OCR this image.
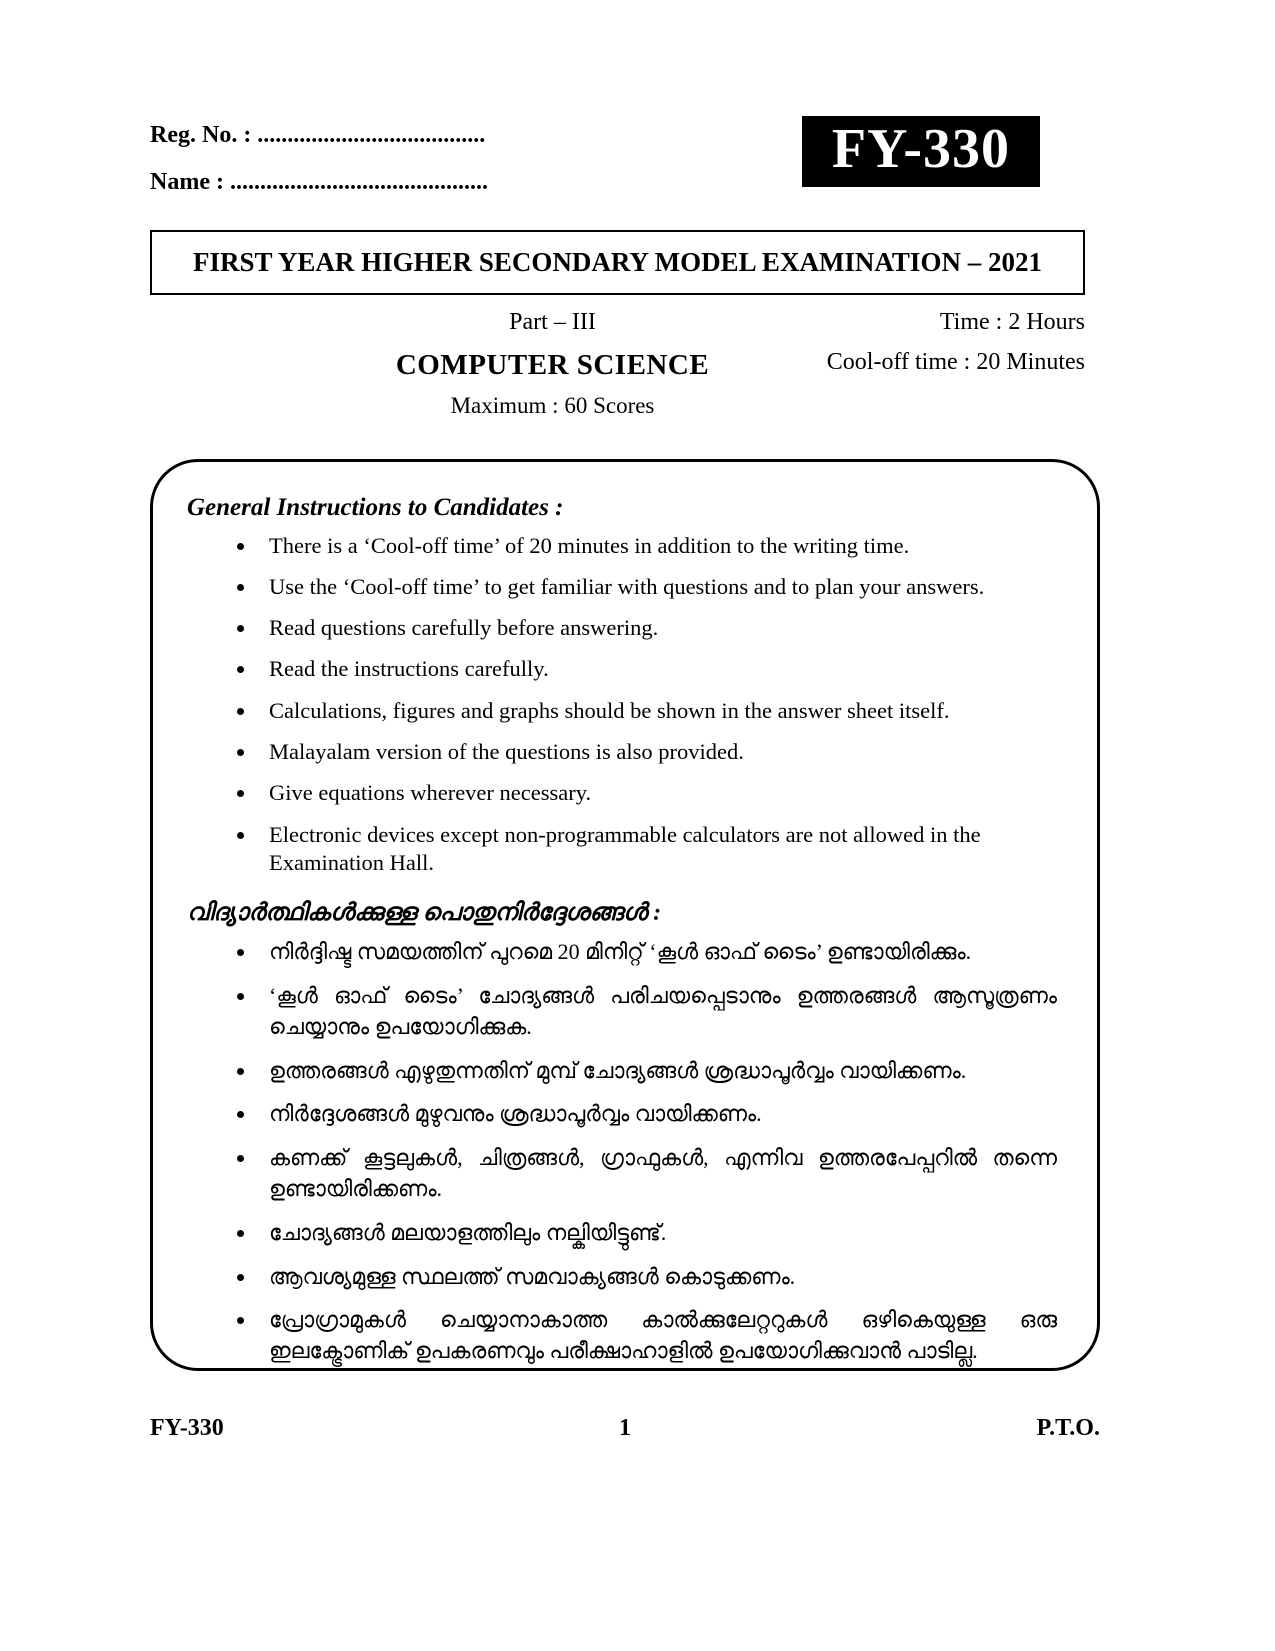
Reg. No. : ......................................
Name : ...........................................
FY-330
FIRST YEAR HIGHER SECONDARY MODEL EXAMINATION – 2021
Part – III	Time : 2 Hours
COMPUTER SCIENCE	Cool-off time : 20 Minutes
Maximum : 60 Scores
General Instructions to Candidates :
• There is a ‘Cool-off time’ of 20 minutes in addition to the writing time.
• Use the ‘Cool-off time’ to get familiar with questions and to plan your answers.
• Read questions carefully before answering.
• Read the instructions carefully.
• Calculations, figures and graphs should be shown in the answer sheet itself.
• Malayalam version of the questions is also provided.
• Give equations wherever necessary.
• Electronic devices except non-programmable calculators are not allowed in the Examination Hall.
വിദ്യാർത്ഥികൾക്കുള്ള പൊതുനിർദ്ദേശങ്ങൾ :
• നിർദ്ദിഷ്ട സമയത്തിന് പുറമെ 20 മിനിറ്റ് ‘കൂൾ ഓഫ് ടൈം’ ഉണ്ടായിരിക്കും.
• ‘കൂൾ ഓഫ് ടൈം’ ചോദ്യങ്ങൾ പരിചയപ്പെടാനും ഉത്തരങ്ങൾ ആസൂത്രണം ചെയ്യാനും ഉപയോഗിക്കുക.
• ഉത്തരങ്ങൾ എഴുതുന്നതിന് മുമ്പ് ചോദ്യങ്ങൾ ശ്രദ്ധാപൂർവ്വം വായിക്കണം.
• നിർദ്ദേശങ്ങൾ മുഴുവനും ശ്രദ്ധാപൂർവ്വം വായിക്കണം.
• കണക്ക് കൂട്ടലുകൾ, ചിത്രങ്ങൾ, ഗ്രാഫുകൾ, എന്നിവ ഉത്തരപേപ്പറിൽ തന്നെ ഉണ്ടായിരിക്കണം.
• ചോദ്യങ്ങൾ മലയാളത്തിലും നല്കിയിട്ടുണ്ട്.
• ആവശ്യമുള്ള സ്ഥലത്ത് സമവാക്യങ്ങൾ കൊടുക്കണം.
• പ്രോഗ്രാമുകൾ ചെയ്യാനാകാത്ത കാൽക്കുലേറ്ററുകൾ ഒഴികെയുള്ള ഒരു ഇലക്ട്രോണിക് ഉപകരണവും പരീക്ഷാഹാളിൽ ഉപയോഗിക്കുവാൻ പാടില്ല.
FY-330	1	P.T.O.
